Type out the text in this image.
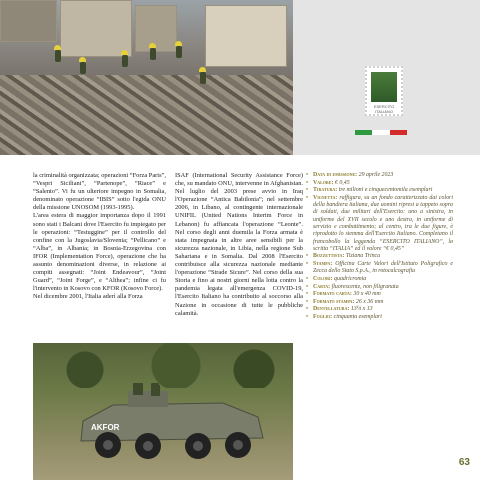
ESERCITO ITALIANO

la criminalità organizzata; operazioni “Forza Paris”, “Vespri Siciliani”, “Partenope”, “Riace” e “Salento”. Vi fu un ulteriore impegno in Somalia, denominato operazione “IBIS” sotto l'egida ONU della missione UNOSOM (1993-1995).

L'area estera di maggior importanza dopo il 1991 sono stati i Balcani dove l'Esercito fu impiegato per le operazioni: “Testuggine” per il controllo del confine con la Jugoslavia/Slovenia; “Pellicano” e “Alba”, in Albania; in Bosnia-Erzegovina con IFOR (Implementation Force), operazione che ha assunto denominazioni diverse, in relazione ai compiti assegnati: “Joint Endeavour”, “Joint Guard”, “Joint Forge”, e “Althea”; infine ci fu l'intervento in Kosovo con KFOR (Kosovo Force).

Nel dicembre 2001, l'Italia aderì alla Forza

ISAF (International Security Assistance Force) che, su mandato ONU, intervenne in Afghanistan. Nel luglio del 2003 prese avvio in Iraq l'Operazione “Antica Babilonia”; nel settembre 2006, in Libano, al contingente internazionale UNIFIL (United Nations Interim Force in Lebanon) fu affiancata l'operazione “Leonte”. Nel corso degli anni duemila la Forza armata è stata impegnata in altre aree sensibili per la sicurezza nazionale, in Libia, nella regione Sub Sahariana e in Somalia. Dal 2008 l'Esercito contribuisce alla sicurezza nazionale mediante l'operazione “Strade Sicure”. Nel corso della sua Storia e fino ai nostri giorni nella lotta contro la pandemia legata all'emergenza COVID-19, l'Esercito Italiano ha contribuito al soccorso alla Nazione in occasione di tutte le pubbliche calamità.

• Data di emissione: 29 aprile 2023
• Valore: € 0,45
• Tiratura: tre milioni e cinquecentomila esemplari
• Vignetta: raffigura, su un fondo caratterizzato dai colori della bandiera italiana, due uomini ripresi a tappeto sopra di soldati, due militari dell'Esercito: uno a sinistra, in uniforme del XVII secolo e uno destra, in uniforme di servizio e combattimento; al centro, tra le due figure, è riprodotto lo stemma dell'Esercito Italiano. Completano il francobollo la leggenda “ESERCITO ITALIANO”, la scritta “ITALIA” ed il valore “€ 0,45”
• Bozzettista: Tiziana Trinca
• Stampa: Officina Carte Valori dell'Istituto Poligrafico e Zecca dello Stato S.p.A., in rotocalcografia
• Colori: quadricromia
• Carta: fluorescente, non filigranata
• Formato carta: 30 x 40 mm
• Formato stampa: 26 x 36 mm
• Dentellatura: 13¼ x 13
• Foglio: cinquanta esemplari
AKFOR
63
